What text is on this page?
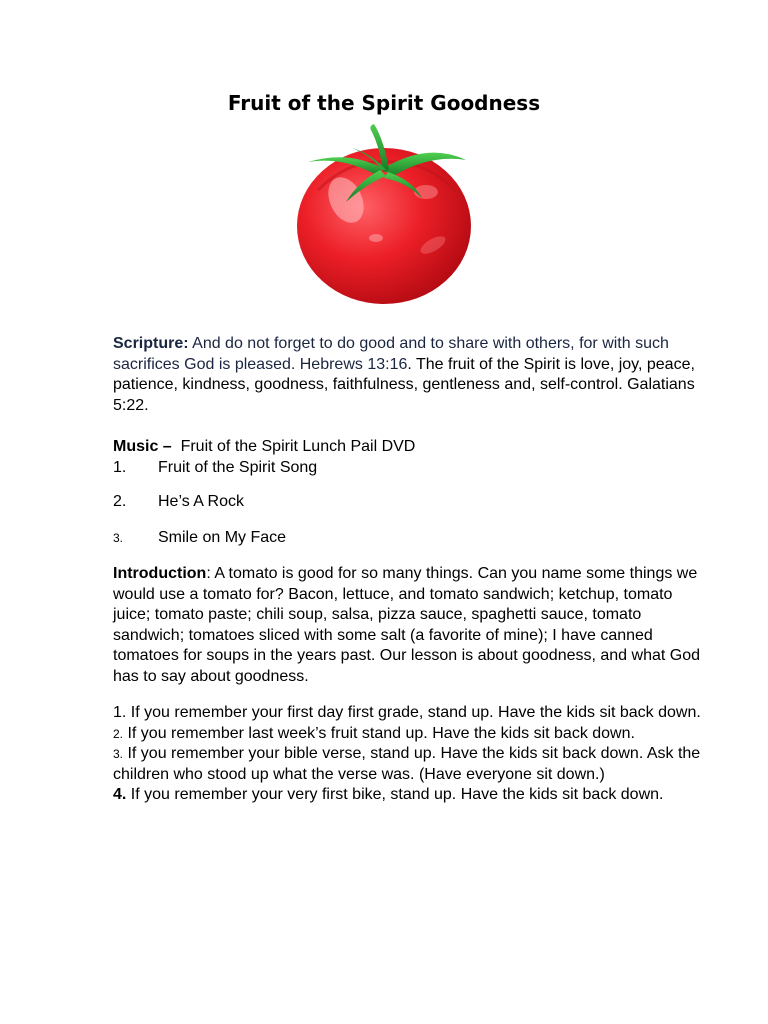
Fruit of the Spirit Goodness
Scripture: And do not forget to do good and to share with others, for with such sacrifices God is pleased. Hebrews 13:16. The fruit of the Spirit is love, joy, peace, patience, kindness, goodness, faithfulness, gentleness and, self-control. Galatians 5:22.
Music –  Fruit of the Spirit Lunch Pail DVD
1. Fruit of the Spirit Song
2. He’s A Rock
3. Smile on My Face
Introduction: A tomato is good for so many things. Can you name some things we would use a tomato for? Bacon, lettuce, and tomato sandwich; ketchup, tomato juice; tomato paste; chili soup, salsa, pizza sauce, spaghetti sauce, tomato sandwich; tomatoes sliced with some salt (a favorite of mine); I have canned tomatoes for soups in the years past. Our lesson is about goodness, and what God has to say about goodness.

1. If you remember your first day first grade, stand up. Have the kids sit back down.

2. If you remember last week’s fruit stand up. Have the kids sit back down.

3. If you remember your bible verse, stand up. Have the kids sit back down. Ask the children who stood up what the verse was. (Have everyone sit down.)

4. If you remember your very first bike, stand up. Have the kids sit back down.
